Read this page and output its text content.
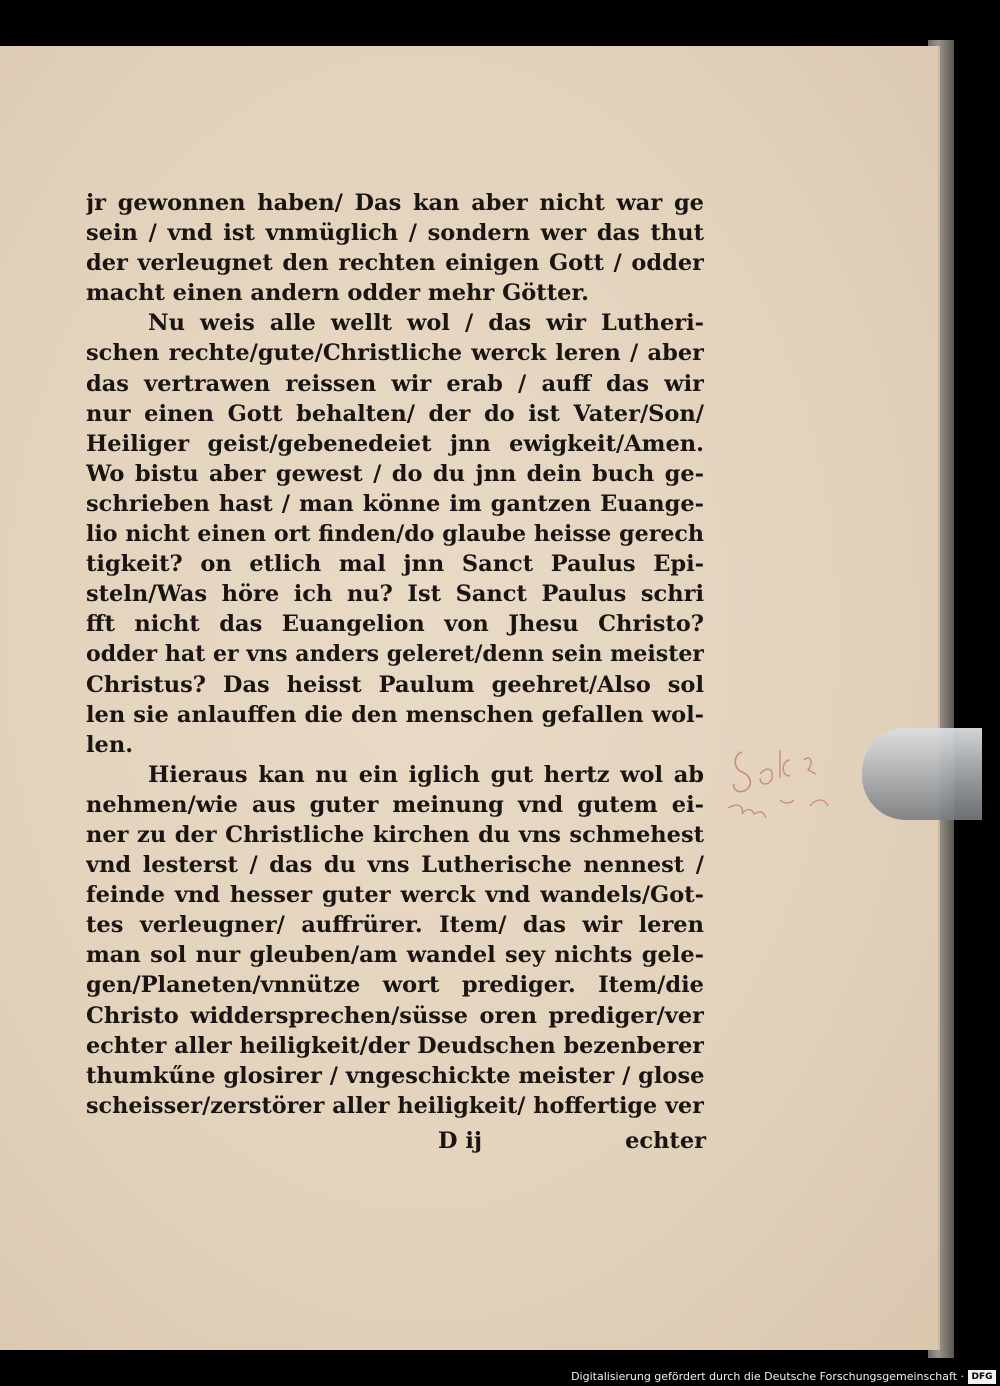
jr gewonnen haben/ Das kan aber nicht war ge
sein / vnd ist vnmüglich / sondern wer das thut
der verleugnet den rechten einigen Gott / odder
macht einen andern odder mehr Götter.
Nu weis alle wellt wol / das wir Lutheri-
schen rechte/gute/Christliche werck leren / aber
das vertrawen reissen wir erab / auff das wir
nur einen Gott behalten/ der do ist Vater/Son/
Heiliger geist/gebenedeiet jnn ewigkeit/Amen.
Wo bistu aber gewest / do du jnn dein buch ge-
schrieben hast / man könne im gantzen Euange-
lio nicht einen ort finden/do glaube heisse gerech
tigkeit? on etlich mal jnn Sanct Paulus Epi-
steln/Was höre ich nu? Ist Sanct Paulus schri
fft nicht das Euangelion von Jhesu Christo?
odder hat er vns anders geleret/denn sein meister
Christus? Das heisst Paulum geehret/Also sol
len sie anlauffen die den menschen gefallen wol-
len.
Hieraus kan nu ein iglich gut hertz wol ab
nehmen/wie aus guter meinung vnd gutem ei-
ner zu der Christliche kirchen du vns schmehest
vnd lesterst / das du vns Lutherische nennest /
feinde vnd hesser guter werck vnd wandels/Got-
tes verleugner/ auffrürer. Item/ das wir leren
man sol nur gleuben/am wandel sey nichts gele-
gen/Planeten/vnnütze wort prediger. Item/die
Christo widdersprechen/süsse oren prediger/ver
echter aller heiligkeit/der Deudschen bezenberer
thumkűne glosirer / vngeschickte meister / glose
scheisser/zerstörer aller heiligkeit/ hoffertige ver
D ij	echter
Digitalisierung gefördert durch die Deutsche Forschungsgemeinschaft · DFG
